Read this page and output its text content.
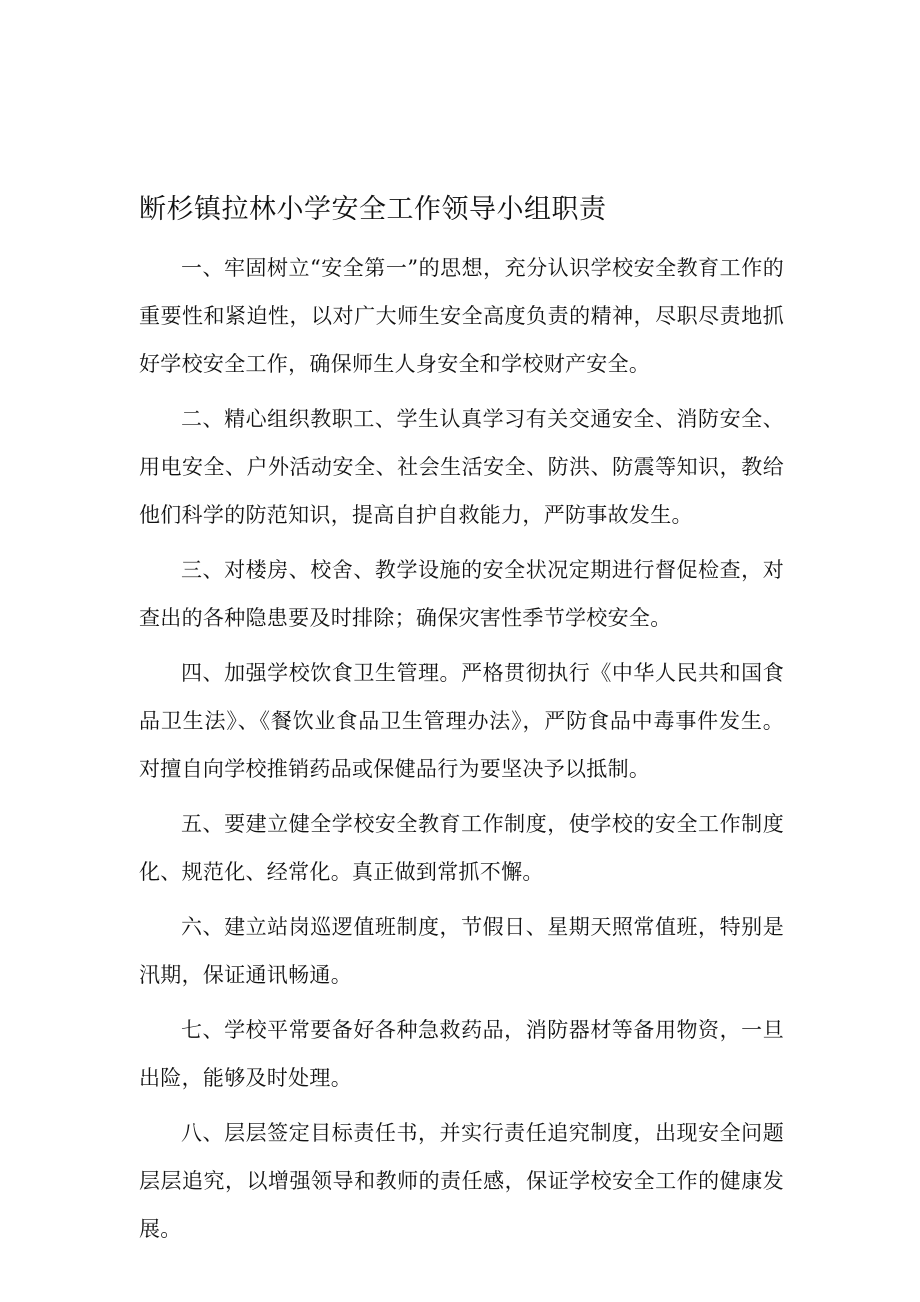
zixin.cn
断杉镇拉林小学安全工作领导小组职责

一、牢固树立“安全第一”的思想，充分认识学校安全教育工作的重要性和紧迫性，以对广大师生安全高度负责的精神，尽职尽责地抓好学校安全工作，确保师生人身安全和学校财产安全。

二、精心组织教职工、学生认真学习有关交通安全、消防安全、用电安全、户外活动安全、社会生活安全、防洪、防震等知识，教给他们科学的防范知识，提高自护自救能力，严防事故发生。

三、对楼房、校舍、教学设施的安全状况定期进行督促检查，对查出的各种隐患要及时排除；确保灾害性季节学校安全。

四、加强学校饮食卫生管理。严格贯彻执行《中华人民共和国食品卫生法》、《餐饮业食品卫生管理办法》，严防食品中毒事件发生。对擅自向学校推销药品或保健品行为要坚决予以抵制。

五、要建立健全学校安全教育工作制度，使学校的安全工作制度化、规范化、经常化。真正做到常抓不懈。

六、建立站岗巡逻值班制度，节假日、星期天照常值班，特别是汛期，保证通讯畅通。

七、学校平常要备好各种急救药品，消防器材等备用物资，一旦出险，能够及时处理。

八、层层签定目标责任书，并实行责任追究制度，出现安全问题层层追究，以增强领导和教师的责任感，保证学校安全工作的健康发展。
